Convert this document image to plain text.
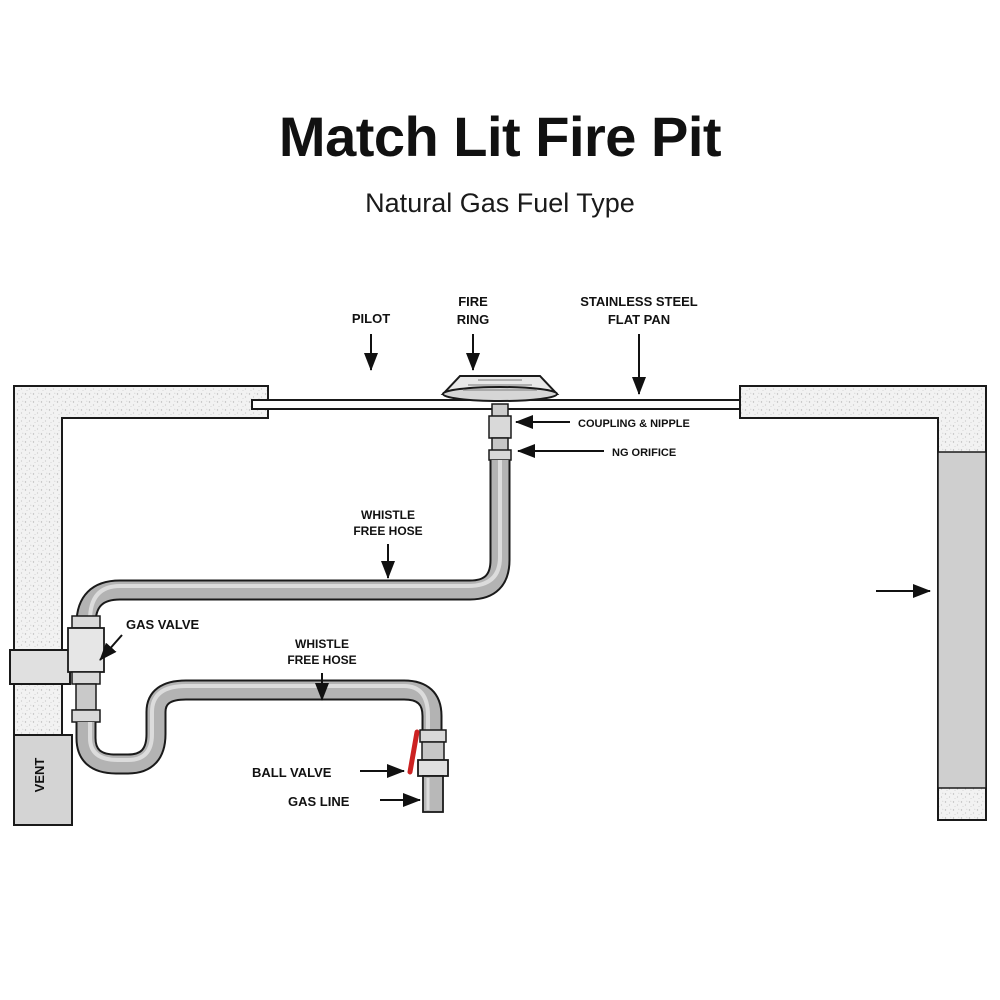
Match Lit Fire Pit
Natural Gas Fuel Type
VENT
PILOT
FIRE
RING
STAINLESS STEEL
FLAT PAN
COUPLING & NIPPLE
NG ORIFICE
WHISTLE
FREE HOSE
GAS VALVE
WHISTLE
FREE HOSE
BALL VALVE
GAS LINE
